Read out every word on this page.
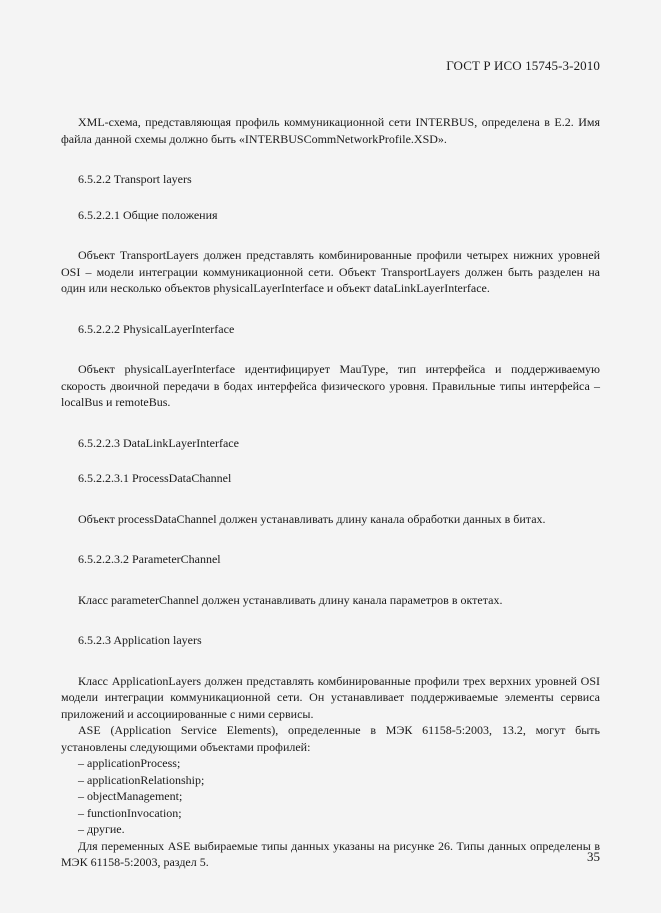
ГОСТ Р ИСО 15745-3-2010

XML-схема, представляющая профиль коммуникационной сети INTERBUS, определена в Е.2. Имя файла данной схемы должно быть «INTERBUSCommNetworkProfile.XSD».

6.5.2.2 Transport layers
6.5.2.2.1 Общие положения

Объект TransportLayers должен представлять комбинированные профили четырех нижних уровней OSI – модели интеграции коммуникационной сети. Объект TransportLayers должен быть разделен на один или несколько объектов physicalLayerInterface и объект dataLinkLayerInterface.

6.5.2.2.2 PhysicalLayerInterface

Объект physicalLayerInterface идентифицирует MauType, тип интерфейса и поддерживаемую скорость двоичной передачи в бодах интерфейса физического уровня. Правильные типы интерфейса – localBus и remoteBus.

6.5.2.2.3 DataLinkLayerInterface
6.5.2.2.3.1 ProcessDataChannel

Объект processDataChannel должен устанавливать длину канала обработки данных в битах.

6.5.2.2.3.2 ParameterChannel

Класс parameterChannel должен устанавливать длину канала параметров в октетах.

6.5.2.3 Application layers

Класс ApplicationLayers должен представлять комбинированные профили трех верхних уровней OSI модели интеграции коммуникационной сети. Он устанавливает поддерживаемые элементы сервиса приложений и ассоциированные с ними сервисы.

ASE (Application Service Elements), определенные в МЭК 61158-5:2003, 13.2, могут быть установлены следующими объектами профилей:

– applicationProcess;
– applicationRelationship;
– objectManagement;
– functionInvocation;
– другие.

Для переменных ASE выбираемые типы данных указаны на рисунке 26. Типы данных определены в МЭК 61158-5:2003, раздел 5.	35
